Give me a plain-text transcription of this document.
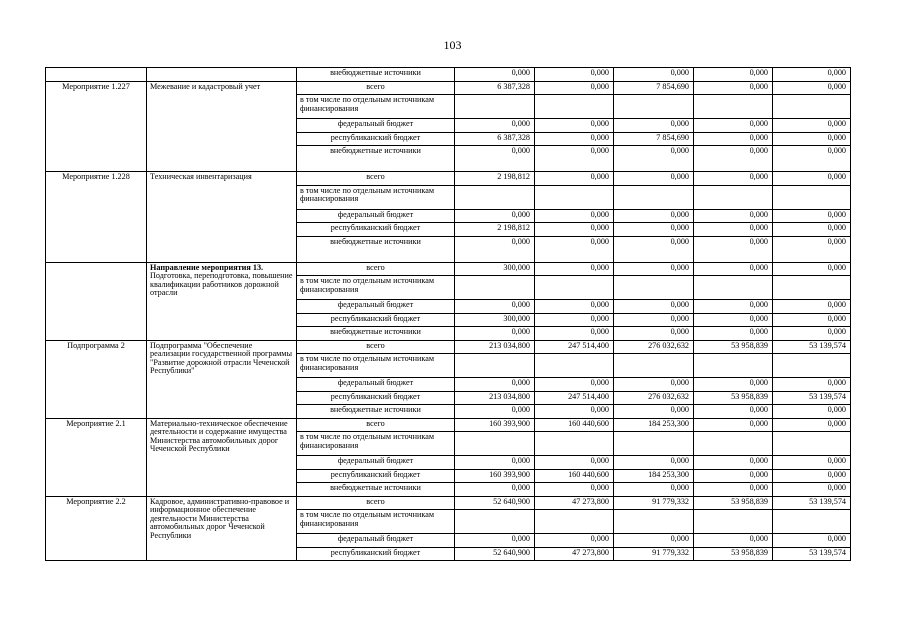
103
		внебюджетные источники	0,000	0,000	0,000	0,000	0,000
Мероприятие 1.227	Межевание и кадастровый учет	всего	6 387,328	0,000	7 854,690	0,000	0,000
		в том числе по отдельным источникам финансирования					
		федеральный бюджет	0,000	0,000	0,000	0,000	0,000
		республиканский бюджет	6 387,328	0,000	7 854,690	0,000	0,000
		внебюджетные источники	0,000	0,000	0,000	0,000	0,000
Мероприятие 1.228	Техническая инвентаризация	всего	2 198,812	0,000	0,000	0,000	0,000
		в том числе по отдельным источникам финансирования					
		федеральный бюджет	0,000	0,000	0,000	0,000	0,000
		республиканский бюджет	2 198,812	0,000	0,000	0,000	0,000
		внебюджетные источники	0,000	0,000	0,000	0,000	0,000
	Направление мероприятия 13. Подготовка, переподготовка, повышение квалификации работников дорожной отрасли	всего	300,000	0,000	0,000	0,000	0,000
		в том числе по отдельным источникам финансирования					
		федеральный бюджет	0,000	0,000	0,000	0,000	0,000
		республиканский бюджет	300,000	0,000	0,000	0,000	0,000
		внебюджетные источники	0,000	0,000	0,000	0,000	0,000
Подпрограмма 2	Подпрограмма "Обеспечение реализации государственной программы "Развитие дорожной отрасли Чеченской Республики"	всего	213 034,800	247 514,400	276 032,632	53 958,839	53 139,574
		в том числе по отдельным источникам финансирования					
		федеральный бюджет	0,000	0,000	0,000	0,000	0,000
		республиканский бюджет	213 034,800	247 514,400	276 032,632	53 958,839	53 139,574
		внебюджетные источники	0,000	0,000	0,000	0,000	0,000
Мероприятие 2.1	Материально-техническое обеспечение деятельности и содержание имущества Министерства автомобильных дорог Чеченской Республики	всего	160 393,900	160 440,600	184 253,300	0,000	0,000
		в том числе по отдельным источникам финансирования					
		федеральный бюджет	0,000	0,000	0,000	0,000	0,000
		республиканский бюджет	160 393,900	160 440,600	184 253,300	0,000	0,000
		внебюджетные источники	0,000	0,000	0,000	0,000	0,000
Мероприятие 2.2	Кадровое, административно-правовое и информационное обеспечение деятельности Министерства автомобильных дорог Чеченской Республики	всего	52 640,900	47 273,800	91 779,332	53 958,839	53 139,574
		в том числе по отдельным источникам финансирования					
		федеральный бюджет	0,000	0,000	0,000	0,000	0,000
		республиканский бюджет	52 640,900	47 273,800	91 779,332	53 958,839	53 139,574
